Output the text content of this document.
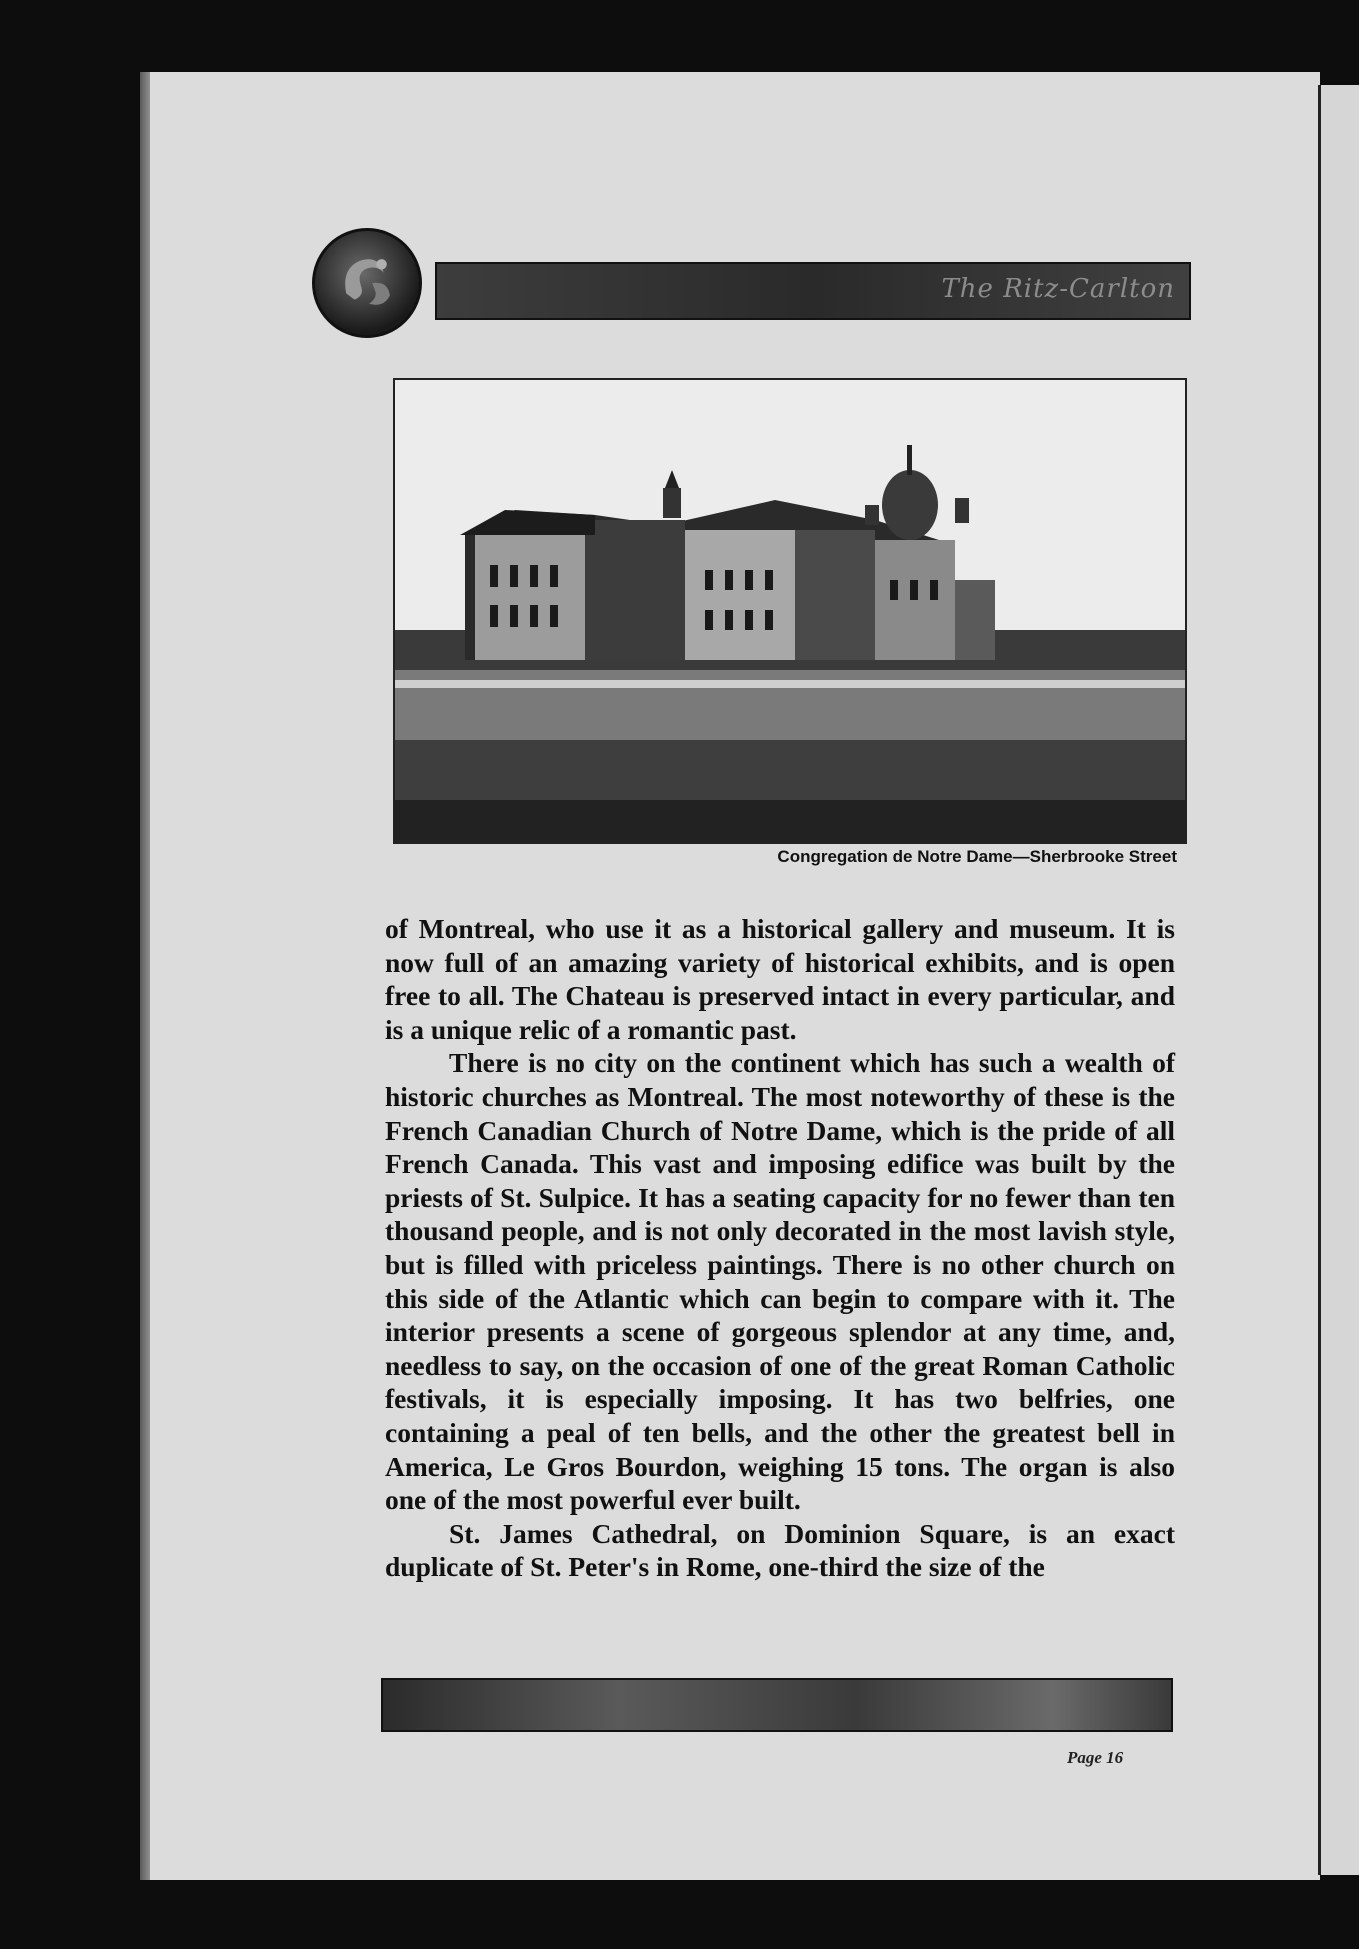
The Ritz-Carlton
Congregation de Notre Dame—Sherbrooke Street

of Montreal, who use it as a historical gallery and museum. It is now full of an amazing variety of historical exhibits, and is open free to all. The Chateau is preserved intact in every particular, and is a unique relic of a romantic past.

There is no city on the continent which has such a wealth of historic churches as Montreal. The most noteworthy of these is the French Canadian Church of Notre Dame, which is the pride of all French Canada. This vast and imposing edifice was built by the priests of St. Sulpice. It has a seating capacity for no fewer than ten thousand people, and is not only decorated in the most lavish style, but is filled with priceless paintings. There is no other church on this side of the Atlantic which can begin to compare with it. The interior presents a scene of gorgeous splendor at any time, and, needless to say, on the occasion of one of the great Roman Catholic festivals, it is especially imposing. It has two belfries, one containing a peal of ten bells, and the other the greatest bell in America, Le Gros Bourdon, weighing 15 tons. The organ is also one of the most powerful ever built.

St. James Cathedral, on Dominion Square, is an exact duplicate of St. Peter's in Rome, one-third the size of the

Page 16
